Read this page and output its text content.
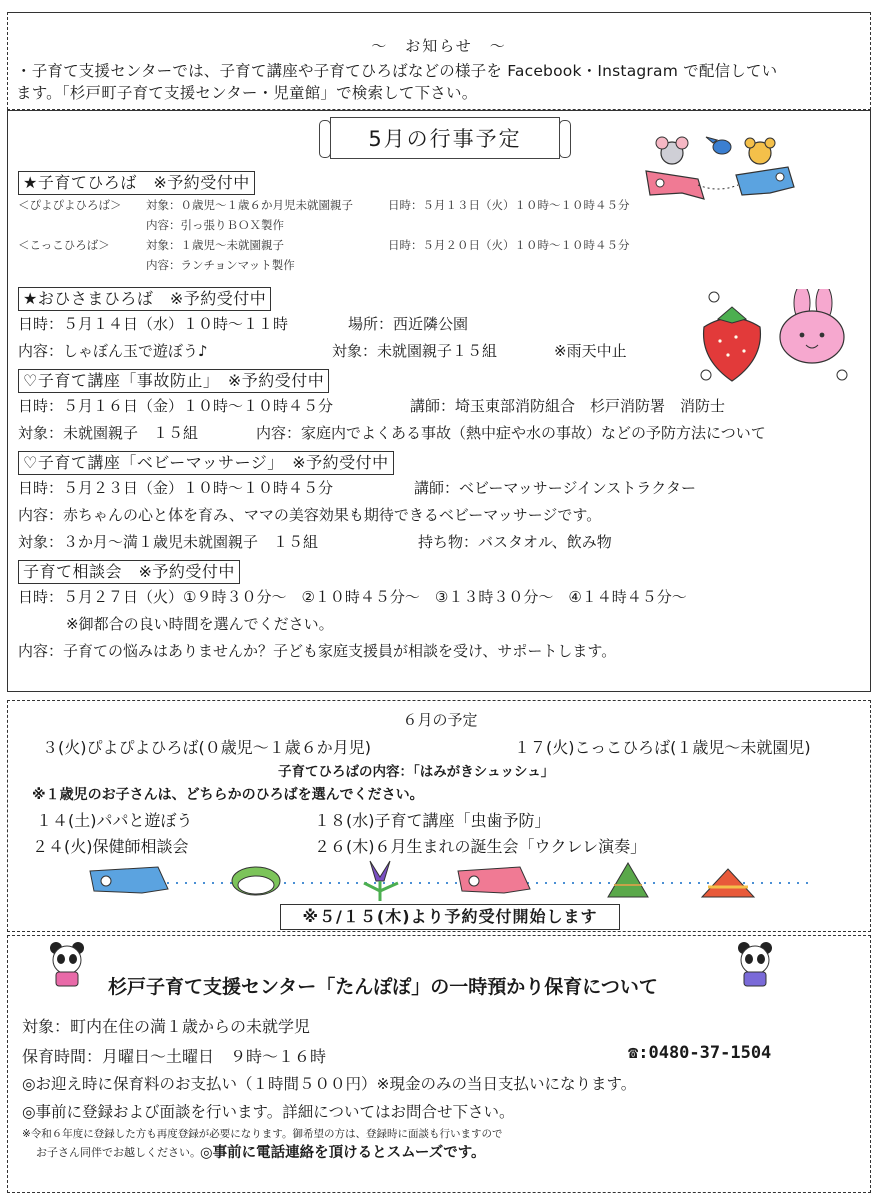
～　お知らせ　～
・子育て支援センターでは、子育て講座や子育てひろばなどの様子を Facebook・Instagram で配信してい
ます。「杉戸町子育て支援センター・児童館」で検索して下さい。
5月の行事予定
★子育てひろば　※予約受付中
＜ぴよぴよひろば＞ 対象：０歳児〜１歳６か月児未就園親子	日時：５月１３日（火）１０時〜１０時４５分
内容：引っ張りＢＯＸ製作
＜こっこひろば＞	対象：１歳児〜未就園親子	日時：５月２０日（火）１０時〜１０時４５分
内容：ランチョンマット製作
★おひさまひろば　※予約受付中
日時：５月１４日（水）１０時〜１１時	場所：西近隣公園
内容：しゃぼん玉で遊ぼう♪	対象：未就園親子１５組	※雨天中止
♡子育て講座「事故防止」　※予約受付中
日時：５月１６日（金）１０時〜１０時４５分	講師：埼玉東部消防組合　杉戸消防署　消防士
対象：未就園親子　１５組	内容：家庭内でよくある事故（熱中症や水の事故）などの予防方法について
♡子育て講座「ベビーマッサージ」　※予約受付中
日時：５月２３日（金）１０時〜１０時４５分	講師：ベビーマッサージインストラクター
内容：赤ちゃんの心と体を育み、ママの美容効果も期待できるベビーマッサージです。
対象：３か月〜満１歳児未就園親子　１５組	持ち物：バスタオル、飲み物
子育て相談会　※予約受付中
日時：５月２７日（火）①９時３０分〜　②１０時４５分〜　③１３時３０分〜　④１４時４５分〜
※御都合の良い時間を選んでください。
内容：子育ての悩みはありませんか？子ども家庭支援員が相談を受け、サポートします。
６月の予定
３(火)ぴよぴよひろば(０歳児〜１歳６か月児)	１７(火)こっこひろば(１歳児〜未就園児)
子育てひろばの内容：「はみがきシュッシュ」
※１歳児のお子さんは、どちらかのひろばを選んでください。
１４(土)パパと遊ぼう	１８(水)子育て講座「虫歯予防」
２４(火)保健師相談会	２６(木)６月生まれの誕生会「ウクレレ演奏」
※５/１５(木)より予約受付開始します
杉戸子育て支援センター「たんぽぽ」の一時預かり保育について
対象：町内在住の満１歳からの未就学児
保育時間：月曜日〜土曜日　９時〜１６時	☎:0480-37-1504
◎お迎え時に保育料のお支払い（１時間５００円）※現金のみの当日支払いになります。
◎事前に登録および面談を行います。詳細についてはお問合せ下さい。
※令和６年度に登録した方も再度登録が必要になります。御希望の方は、登録時に面談も行いますので
お子さん同伴でお越しください。 ◎事前に電話連絡を頂けるとスムーズです。
